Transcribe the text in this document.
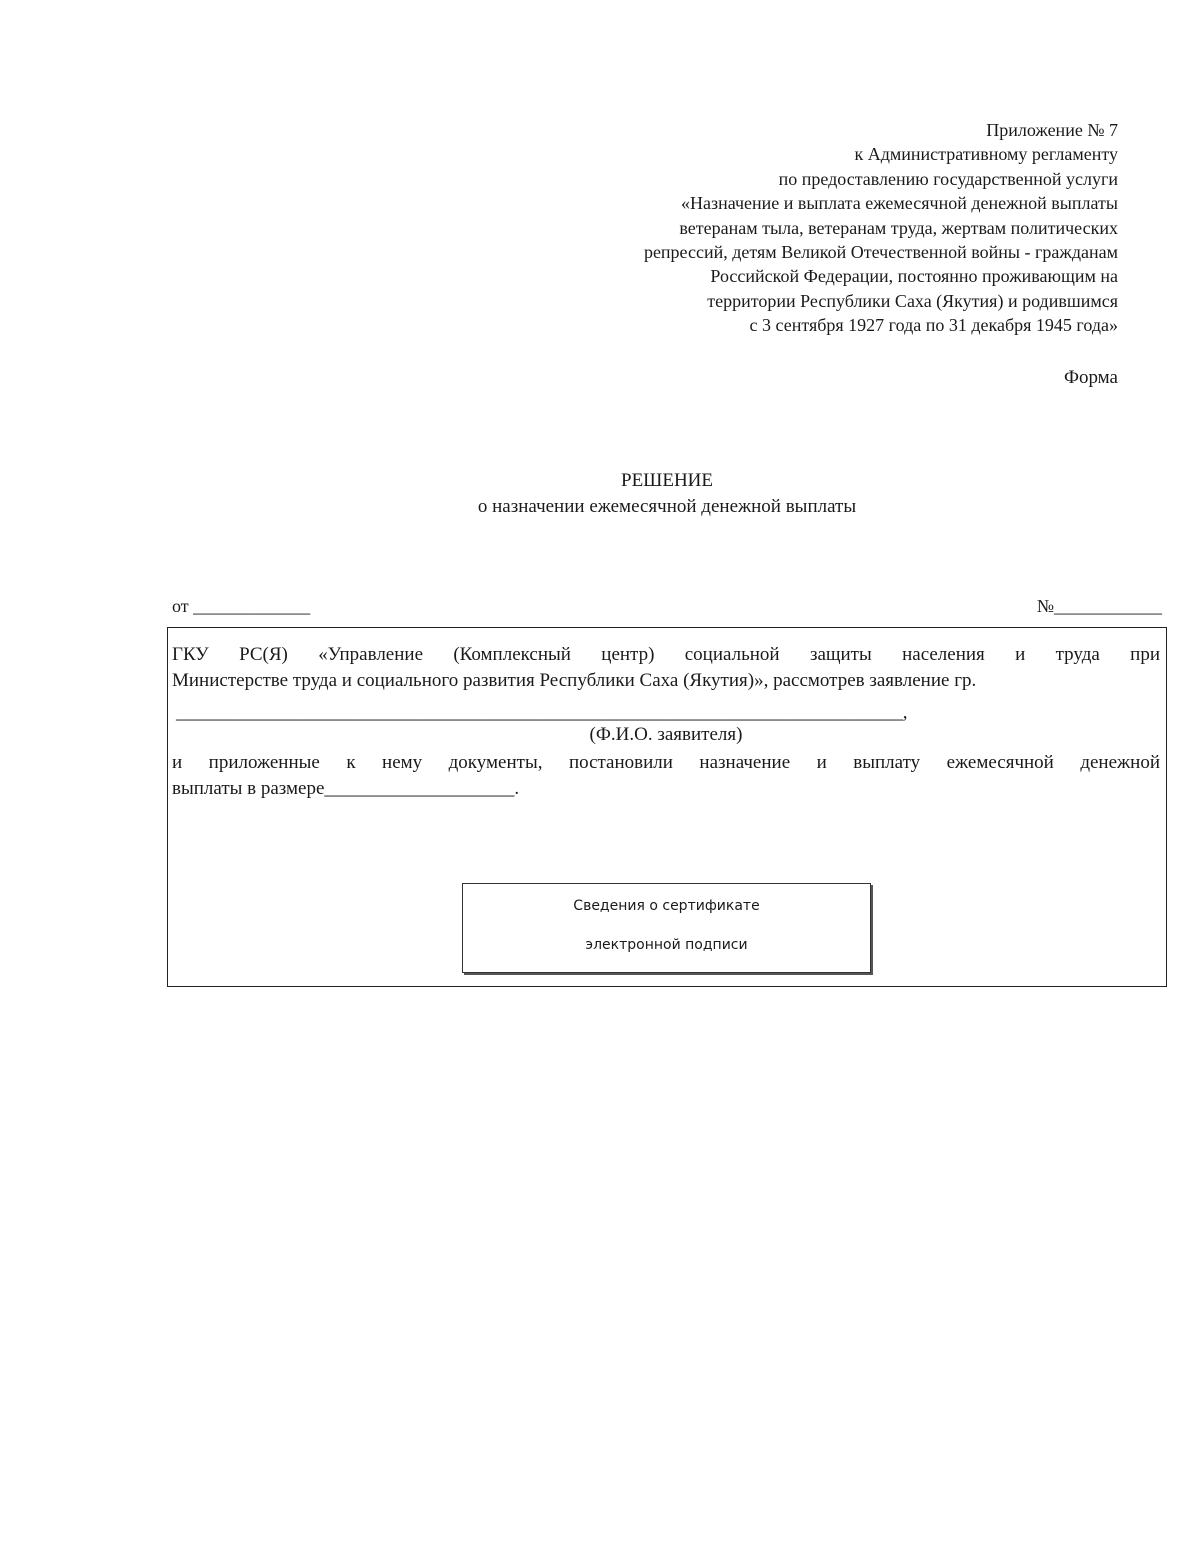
Приложение № 7
к Административному регламенту
по предоставлению государственной услуги
«Назначение и выплата ежемесячной денежной выплаты
ветеранам тыла, ветеранам труда, жертвам политических
репрессий, детям Великой Отечественной войны - гражданам
Российской Федерации, постоянно проживающим на
территории Республики Саха (Якутия) и родившимся
с 3 сентября 1927 года по 31 декабря 1945 года»
Форма
РЕШЕНИЕ
о назначении ежемесячной денежной выплаты
от _____________	№____________
ГКУ РС(Я) «Управление (Комплексный центр) социальной защиты населения и труда при
Министерстве труда и социального развития Республики Саха (Якутия)», рассмотрев заявление гр.
_______________________________________________________________________________,
(Ф.И.О. заявителя)
и приложенные к нему документы, постановили назначение и выплату ежемесячной денежной
выплаты в размере____________________.
Сведения о сертификате
электронной подписи
